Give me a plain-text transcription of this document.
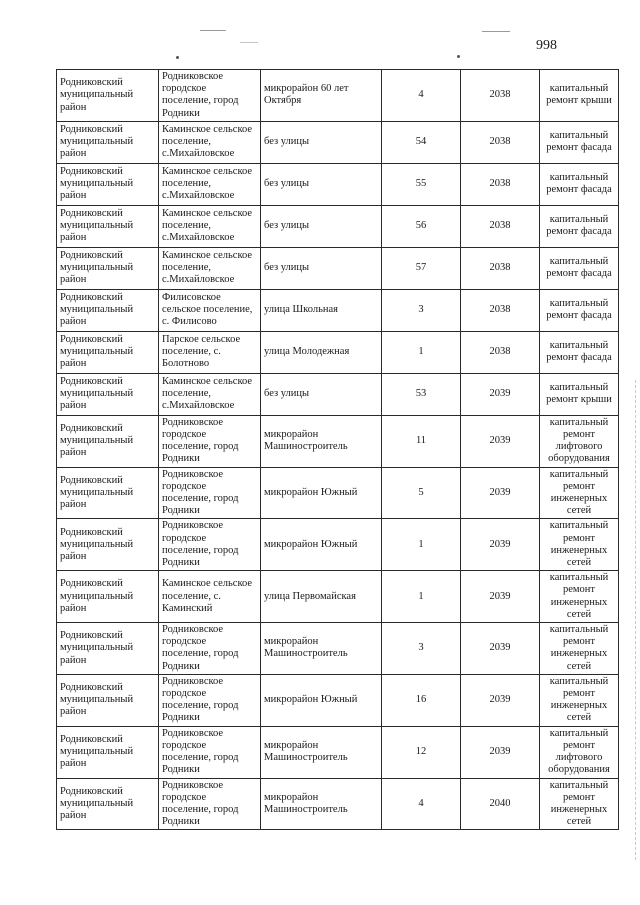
998
Родниковский муниципальный район	Родниковское городское поселение, город Родники	микрорайон 60 лет Октября	4	2038	капитальный ремонт крыши

Родниковский муниципальный район	Каминское сельское поселение, с.Михайловское	без улицы	54	2038	капитальный ремонт фасада

Родниковский муниципальный район	Каминское сельское поселение, с.Михайловское	без улицы	55	2038	капитальный ремонт фасада

Родниковский муниципальный район	Каминское сельское поселение, с.Михайловское	без улицы	56	2038	капитальный ремонт фасада

Родниковский муниципальный район	Каминское сельское поселение, с.Михайловское	без улицы	57	2038	капитальный ремонт фасада

Родниковский муниципальный район	Филисовское сельское поселение, с. Филисово	улица Школьная	3	2038	капитальный ремонт фасада

Родниковский муниципальный район	Парское сельское поселение, с. Болотново	улица Молодежная	1	2038	капитальный ремонт фасада

Родниковский муниципальный район	Каминское сельское поселение, с.Михайловское	без улицы	53	2039	капитальный ремонт крыши

Родниковский муниципальный район	Родниковское городское поселение, город Родники	микрорайон Машиностроитель	11	2039	капитальный ремонт лифтового оборудования

Родниковский муниципальный район	Родниковское городское поселение, город Родники	микрорайон Южный	5	2039	капитальный ремонт инженерных сетей

Родниковский муниципальный район	Родниковское городское поселение, город Родники	микрорайон Южный	1	2039	капитальный ремонт инженерных сетей

Родниковский муниципальный район	Каминское сельское поселение, с. Каминский	улица Первомайская	1	2039	капитальный ремонт инженерных сетей

Родниковский муниципальный район	Родниковское городское поселение, город Родники	микрорайон Машиностроитель	3	2039	капитальный ремонт инженерных сетей

Родниковский муниципальный район	Родниковское городское поселение, город Родники	микрорайон Южный	16	2039	капитальный ремонт инженерных сетей

Родниковский муниципальный район	Родниковское городское поселение, город Родники	микрорайон Машиностроитель	12	2039	капитальный ремонт лифтового оборудования

Родниковский муниципальный район	Родниковское городское поселение, город Родники	микрорайон Машиностроитель	4	2040	капитальный ремонт инженерных сетей
